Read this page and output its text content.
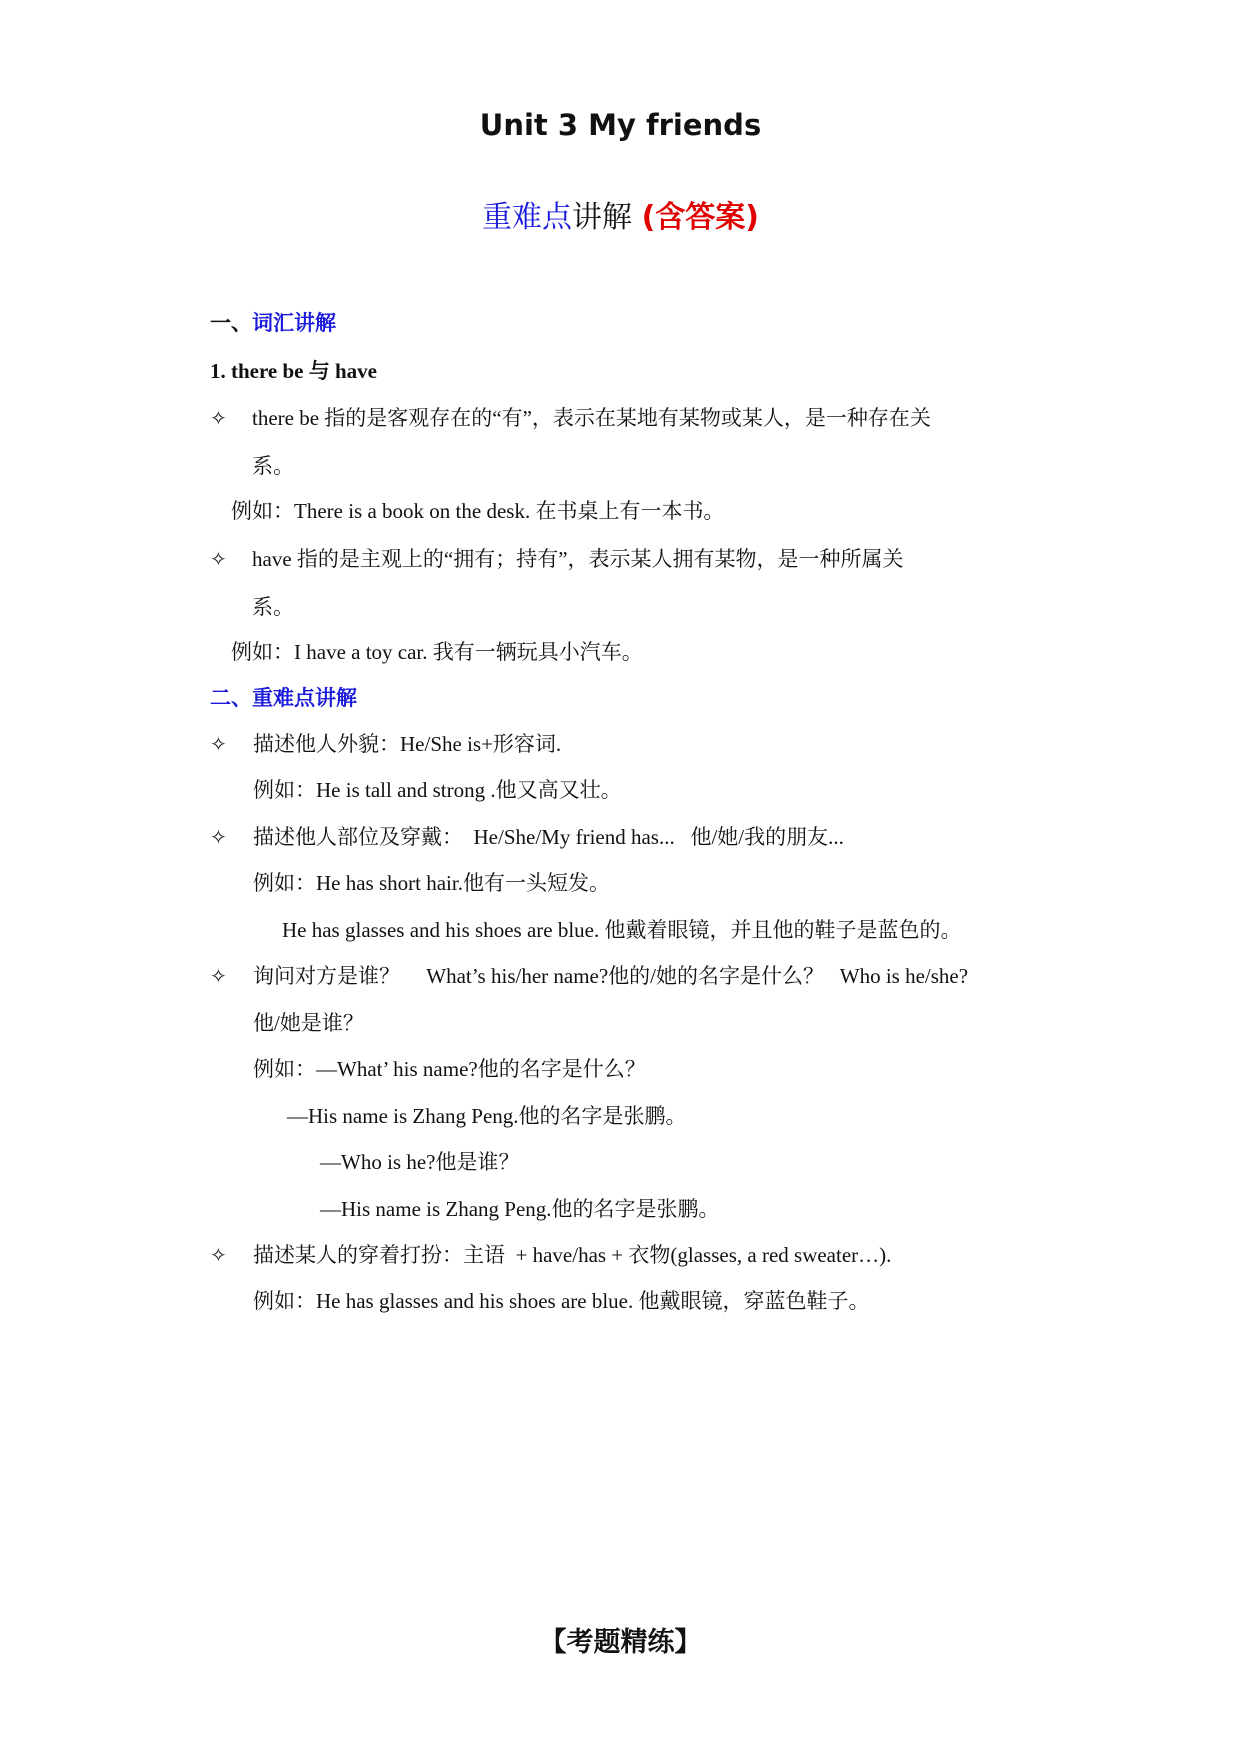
Unit 3 My friends
重难点讲解 (含答案)
一、词汇讲解
1. there be 与 have
✧ there be 指的是客观存在的“有”，表示在某地有某物或某人，是一种存在关
系。
例如：There is a book on the desk. 在书桌上有一本书。
✧ have 指的是主观上的“拥有；持有”，表示某人拥有某物，是一种所属关
系。
例如：I have a toy car. 我有一辆玩具小汽车。
二、重难点讲解
✧ 描述他人外貌：He/She is+形容词.
例如：He is tall and strong .他又高又壮。
✧ 描述他人部位及穿戴：  He/She/My friend has...   他/她/我的朋友...
例如：He has short hair.他有一头短发。
He has glasses and his shoes are blue. 他戴着眼镜，并且他的鞋子是蓝色的。
✧ 询问对方是谁？     What’s his/her name?他的/她的名字是什么？   Who is he/she?
他/她是谁？
例如：—What’ his name?他的名字是什么？
—His name is Zhang Peng.他的名字是张鹏。
—Who is he?他是谁？
—His name is Zhang Peng.他的名字是张鹏。
✧ 描述某人的穿着打扮：主语  + have/has + 衣物(glasses, a red sweater…).
例如：He has glasses and his shoes are blue. 他戴眼镜，穿蓝色鞋子。
【考题精练】
